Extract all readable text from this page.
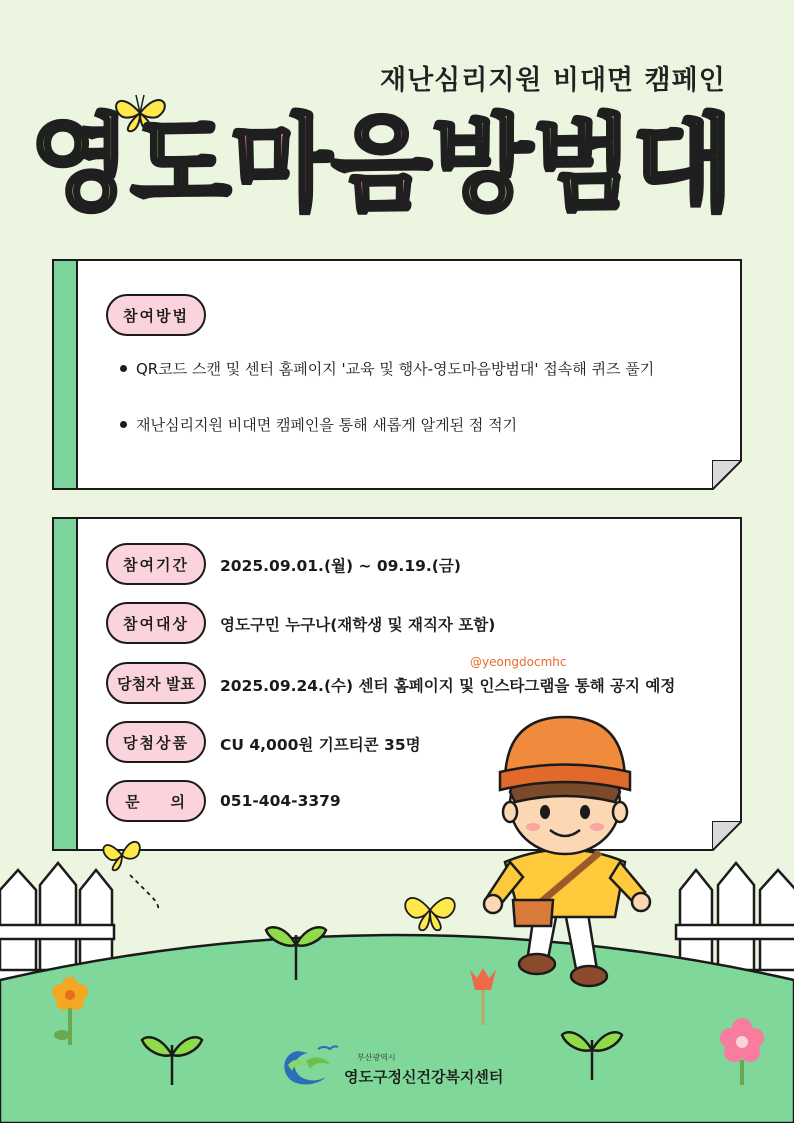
재난심리지원 비대면 캠페인
영 도 마 음 방 범 대
참여방법
QR코드 스캔 및 센터 홈페이지 '교육 및 행사-영도마음방범대' 접속해 퀴즈 풀기
재난심리지원 비대면 캠페인을 통해 새롭게 알게된 점 적기
참여기간	2025.09.01.(월) ~ 09.19.(금)
참여대상	영도구민 누구나(재학생 및 재직자 포함)
당첨자 발표	2025.09.24.(수) 센터 홈페이지 및 인스타그램을 통해 공지 예정
당첨상품	CU 4,000원 기프티콘 35명
문    의	051-404-3379
@yeongdocmhc
부산광역시
영도구정신건강복지센터
